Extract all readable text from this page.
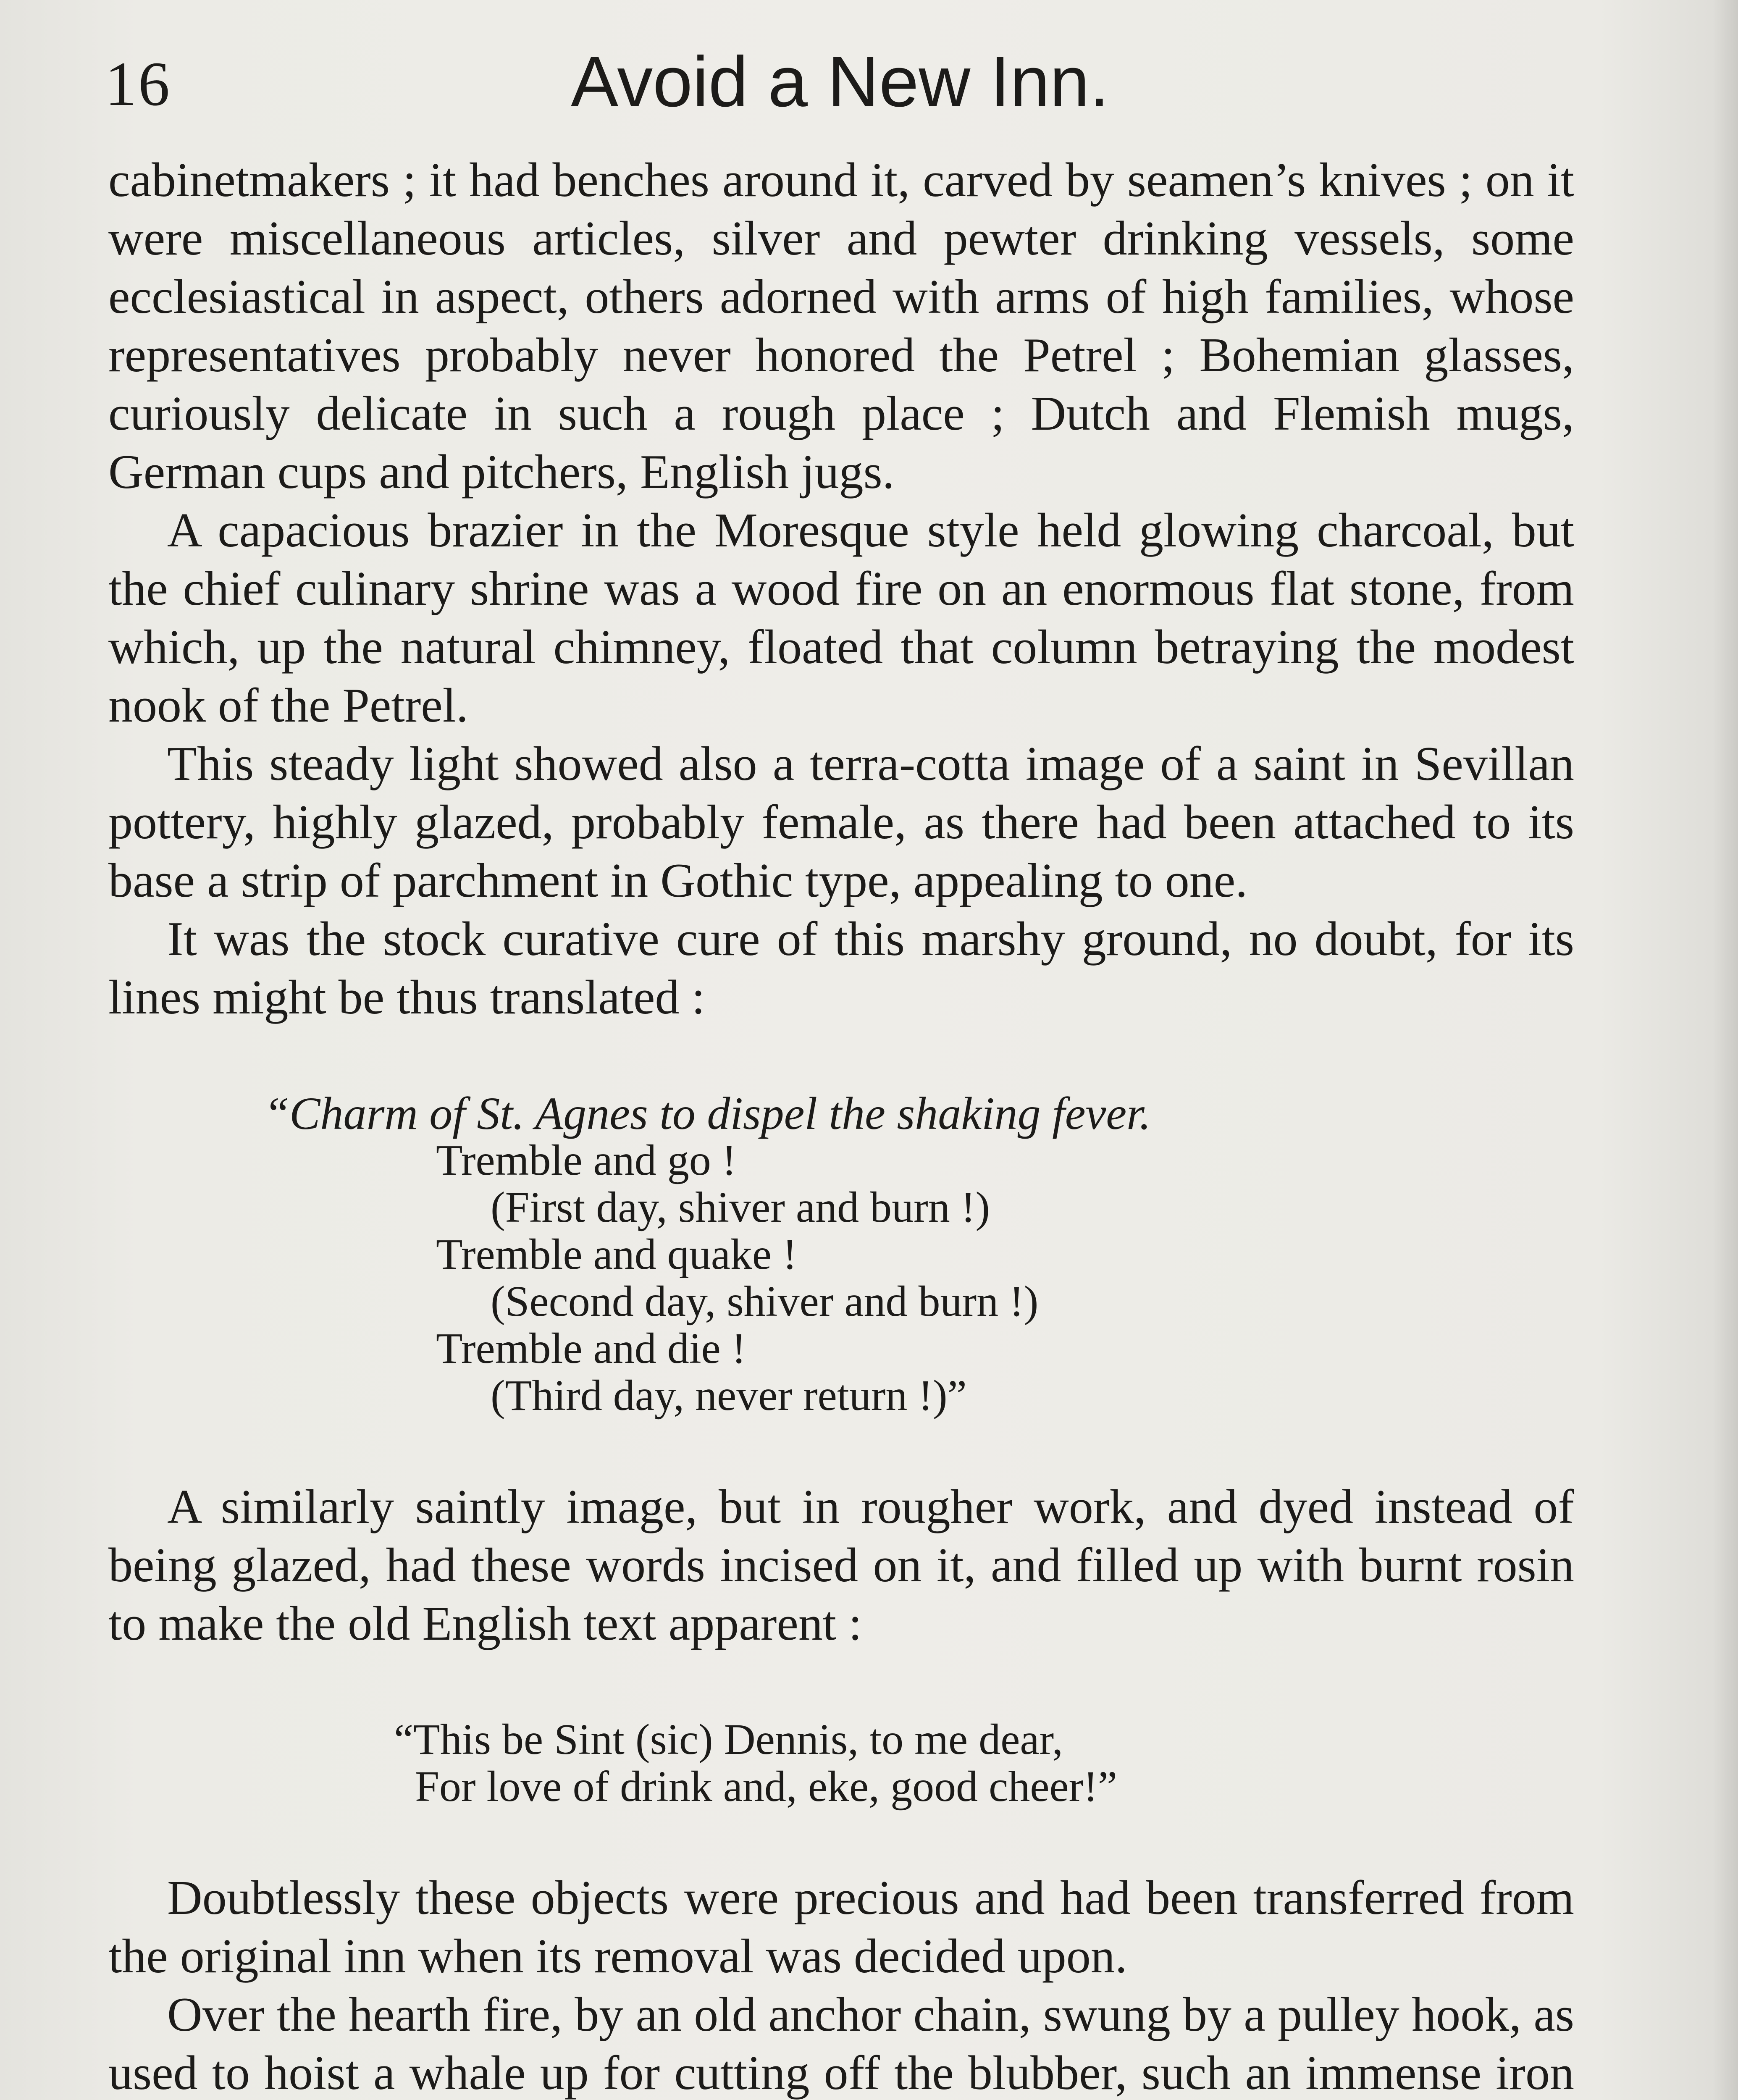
16	Avoid a New Inn.

cabinetmakers ; it had benches around it, carved by seamen’s knives ; on it were miscellaneous articles, silver and pewter drinking vessels, some ecclesiastical in aspect, others adorned with arms of high families, whose representatives probably never honored the Petrel ; Bohemian glasses, curiously delicate in such a rough place ; Dutch and Flemish mugs, German cups and pitchers, English jugs.

A capacious brazier in the Moresque style held glowing charcoal, but the chief culinary shrine was a wood fire on an enormous flat stone, from which, up the natural chimney, floated that column betraying the modest nook of the Petrel.

This steady light showed also a terra-cotta image of a saint in Sevillan pottery, highly glazed, probably female, as there had been attached to its base a strip of parchment in Gothic type, appealing to one.

It was the stock curative cure of this marshy ground, no doubt, for its lines might be thus translated :

“Charm of St. Agnes to dispel the shaking fever.
Tremble and go !
(First day, shiver and burn !)
Tremble and quake !
(Second day, shiver and burn !)
Tremble and die !
(Third day, never return !)”

A similarly saintly image, but in rougher work, and dyed instead of being glazed, had these words incised on it, and filled up with burnt rosin to make the old English text apparent :

“This be Sint (sic) Dennis, to me dear,
For love of drink and, eke, good cheer!”

Doubtlessly these objects were precious and had been transferred from the original inn when its removal was decided upon.

Over the hearth fire, by an old anchor chain, swung by a pulley hook, as used to hoist a whale up for cutting off the blubber, such an immense iron
